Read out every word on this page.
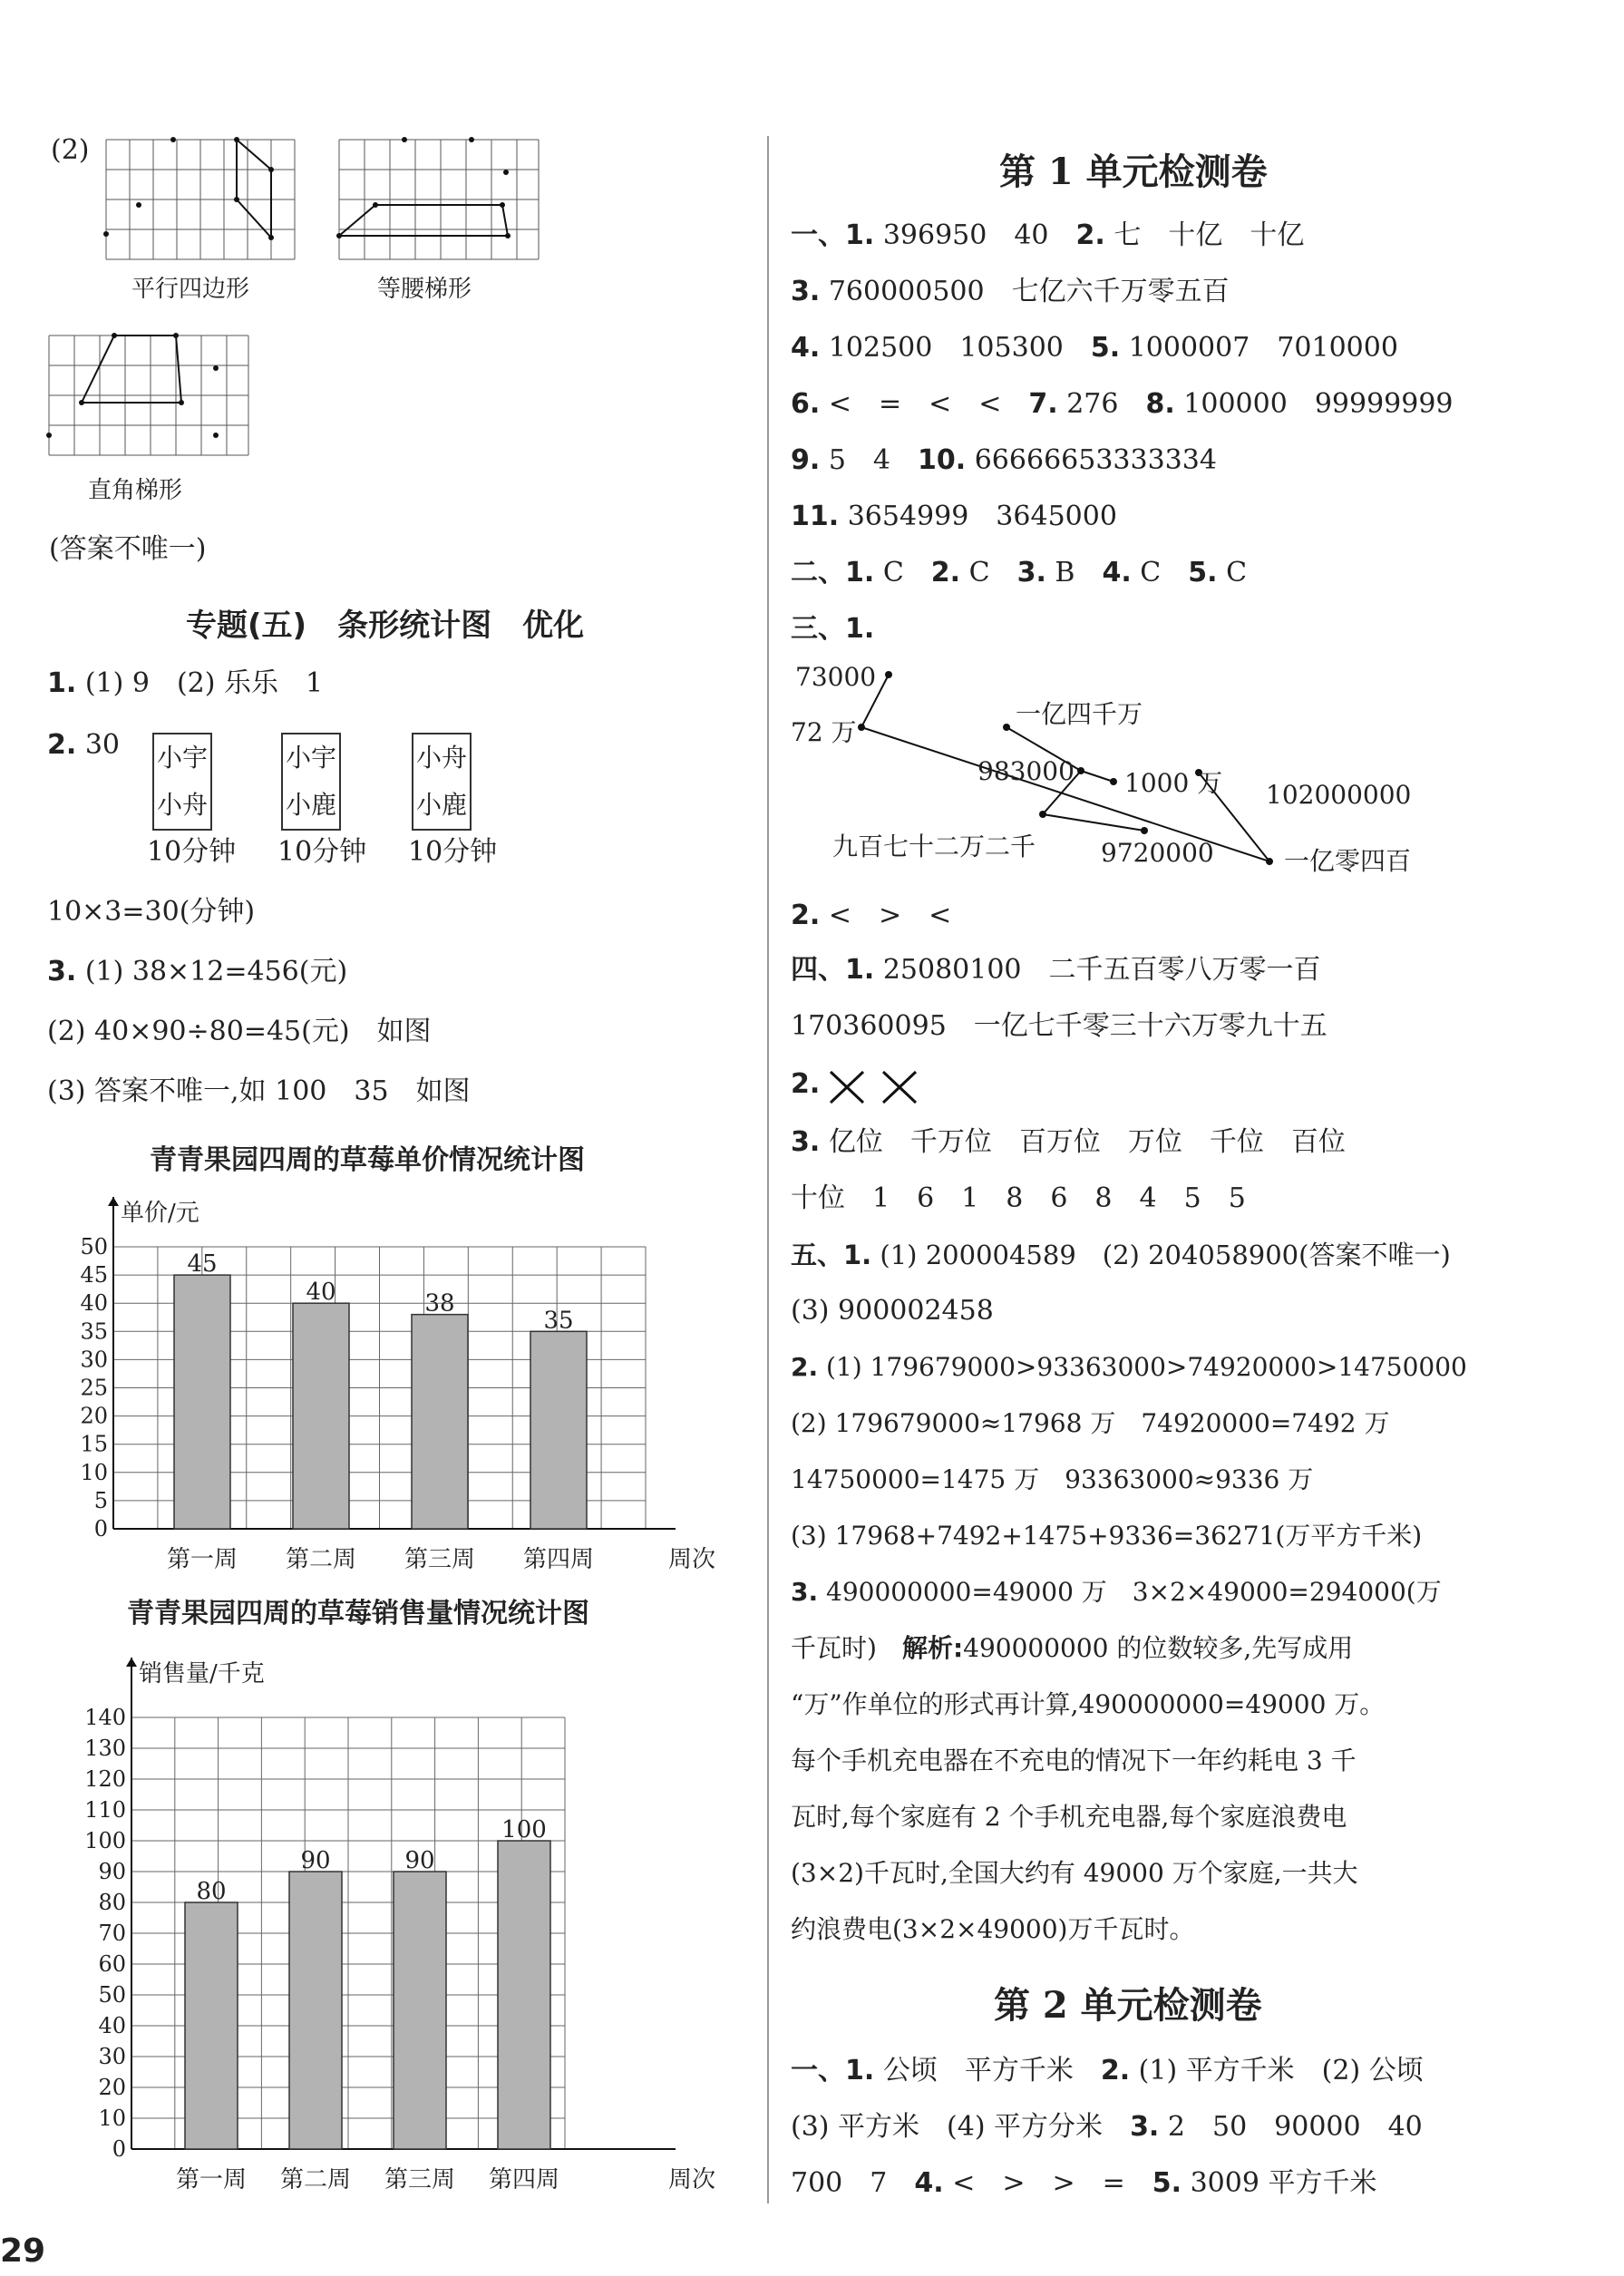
(2)
平行四边形	等腰梯形
直角梯形
(答案不唯一)
专题(五)　条形统计图　优化
1. (1) 9　(2) 乐乐　1
2. 30 小宇
小舟
小宇
小鹿
小舟
小鹿
10分钟 10分钟 10分钟
10×3=30(分钟)
3. (1) 38×12=456(元)
(2) 40×90÷80=45(元)　如图
(3) 答案不唯一,如 100　35　如图
青青果园四周的草莓单价情况统计图
0
5
10
15
20
25
30
35
40
45
50
单价/元
周次
45
第一周
40
第二周
38
第三周
35
第四周
青青果园四周的草莓销售量情况统计图
0
10
20
30
40
50
60
70
80
90
100
110
120
130
140
销售量/千克
周次
80
第一周
90
第二周
90
第三周
100
第四周
第 1 单元检测卷
一、1. 396950　40　2. 七　十亿　十亿
3. 760000500　七亿六千万零五百
4. 102500　105300　5. 1000007　7010000
6. <　=　<　<　7. 276　8. 100000　99999999
9. 5　4　10. 66666653333334
11. 3654999　3645000
二、1. C　2. C　3. B　4. C　5. C
三、1.
73000
72 万
一亿四千万
983000 1000 万 102000000
九百七十二万二千	9720000	一亿零四百
2. <　>　<
四、1. 25080100　二千五百零八万零一百
170360095　一亿七千零三十六万零九十五
2.
3. 亿位　千万位　百万位　万位　千位　百位
十位　1　6　1　8　6　8　4　5　5
五、1. (1) 200004589　(2) 204058900(答案不唯一)
(3) 900002458
2. (1) 179679000>93363000>74920000>14750000
(2) 179679000≈17968 万　74920000=7492 万
14750000=1475 万　93363000≈9336 万
(3) 17968+7492+1475+9336=36271(万平方千米)
3. 490000000=49000 万　3×2×49000=294000(万
千瓦时)　解析:490000000 的位数较多,先写成用
“万”作单位的形式再计算,490000000=49000 万。
每个手机充电器在不充电的情况下一年约耗电 3 千
瓦时,每个家庭有 2 个手机充电器,每个家庭浪费电
(3×2)千瓦时,全国大约有 49000 万个家庭,一共大
约浪费电(3×2×49000)万千瓦时。
第 2 单元检测卷
一、1. 公顷　平方千米　2. (1) 平方千米　(2) 公顷
(3) 平方米　(4) 平方分米　3. 2　50　90000　40
700　7　4. <　>　>　=　5. 3009 平方千米
29
